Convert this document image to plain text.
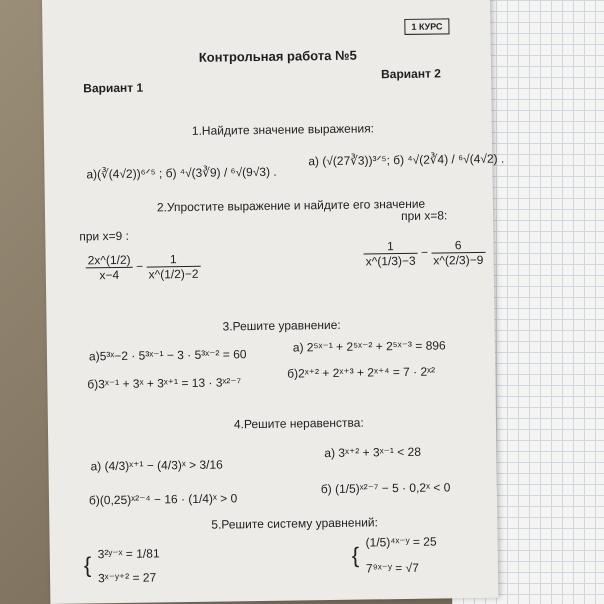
1 КУРС
Контрольная работа №5
Вариант 1
Вариант 2
1.Найдите значение выражения:
а)(∛(4√2))⁶ᐟ⁵ ; б) ⁴√(3∛9) / ⁶√(9√3) .
а) (√(27∛3))³ᐟ⁵; б) ⁴√(2∛4) / ⁶√(4√2) .
2.Упростите выражение и найдите его значение
при x=9 :
при x=8:
$\frac{2x\^{}(1/2)}{x-4} - \frac{1}{x\^{}(1/2)-2}$	$\frac{1}{x\^{}(1/3)-3} - \frac{6}{x\^{}(2/3)-9}$
3.Решите уравнение:
а)5³ˣ−2 · 5³ˣ⁻¹ − 3 · 5³ˣ⁻² = 60
б)3ˣ⁻¹ + 3ˣ + 3ˣ⁺¹ = 13 · 3ˣ²⁻⁷
а) 2⁵ˣ⁻¹ + 2⁵ˣ⁻² + 2⁵ˣ⁻³ = 896
б)2ˣ⁺² + 2ˣ⁺³ + 2ˣ⁺⁴ = 7 · 2ˣ²
4.Решите неравенства:
а) (4/3)ˣ⁺¹ − (4/3)ˣ > 3/16
б)(0,25)ˣ²⁻⁴ − 16 · (1/4)ˣ > 0
а) 3ˣ⁺² + 3ˣ⁻¹ < 28
б) (1/5)ˣ²⁻⁷ − 5 · 0,2ˣ < 0
5.Решите систему уравнений:
{ 3²ʸ⁻ˣ = 1/81
3ˣ⁻ʸ⁺² = 27
{
(1/5)⁴ˣ⁻ʸ = 25
7⁹ˣ⁻ʸ = √7
